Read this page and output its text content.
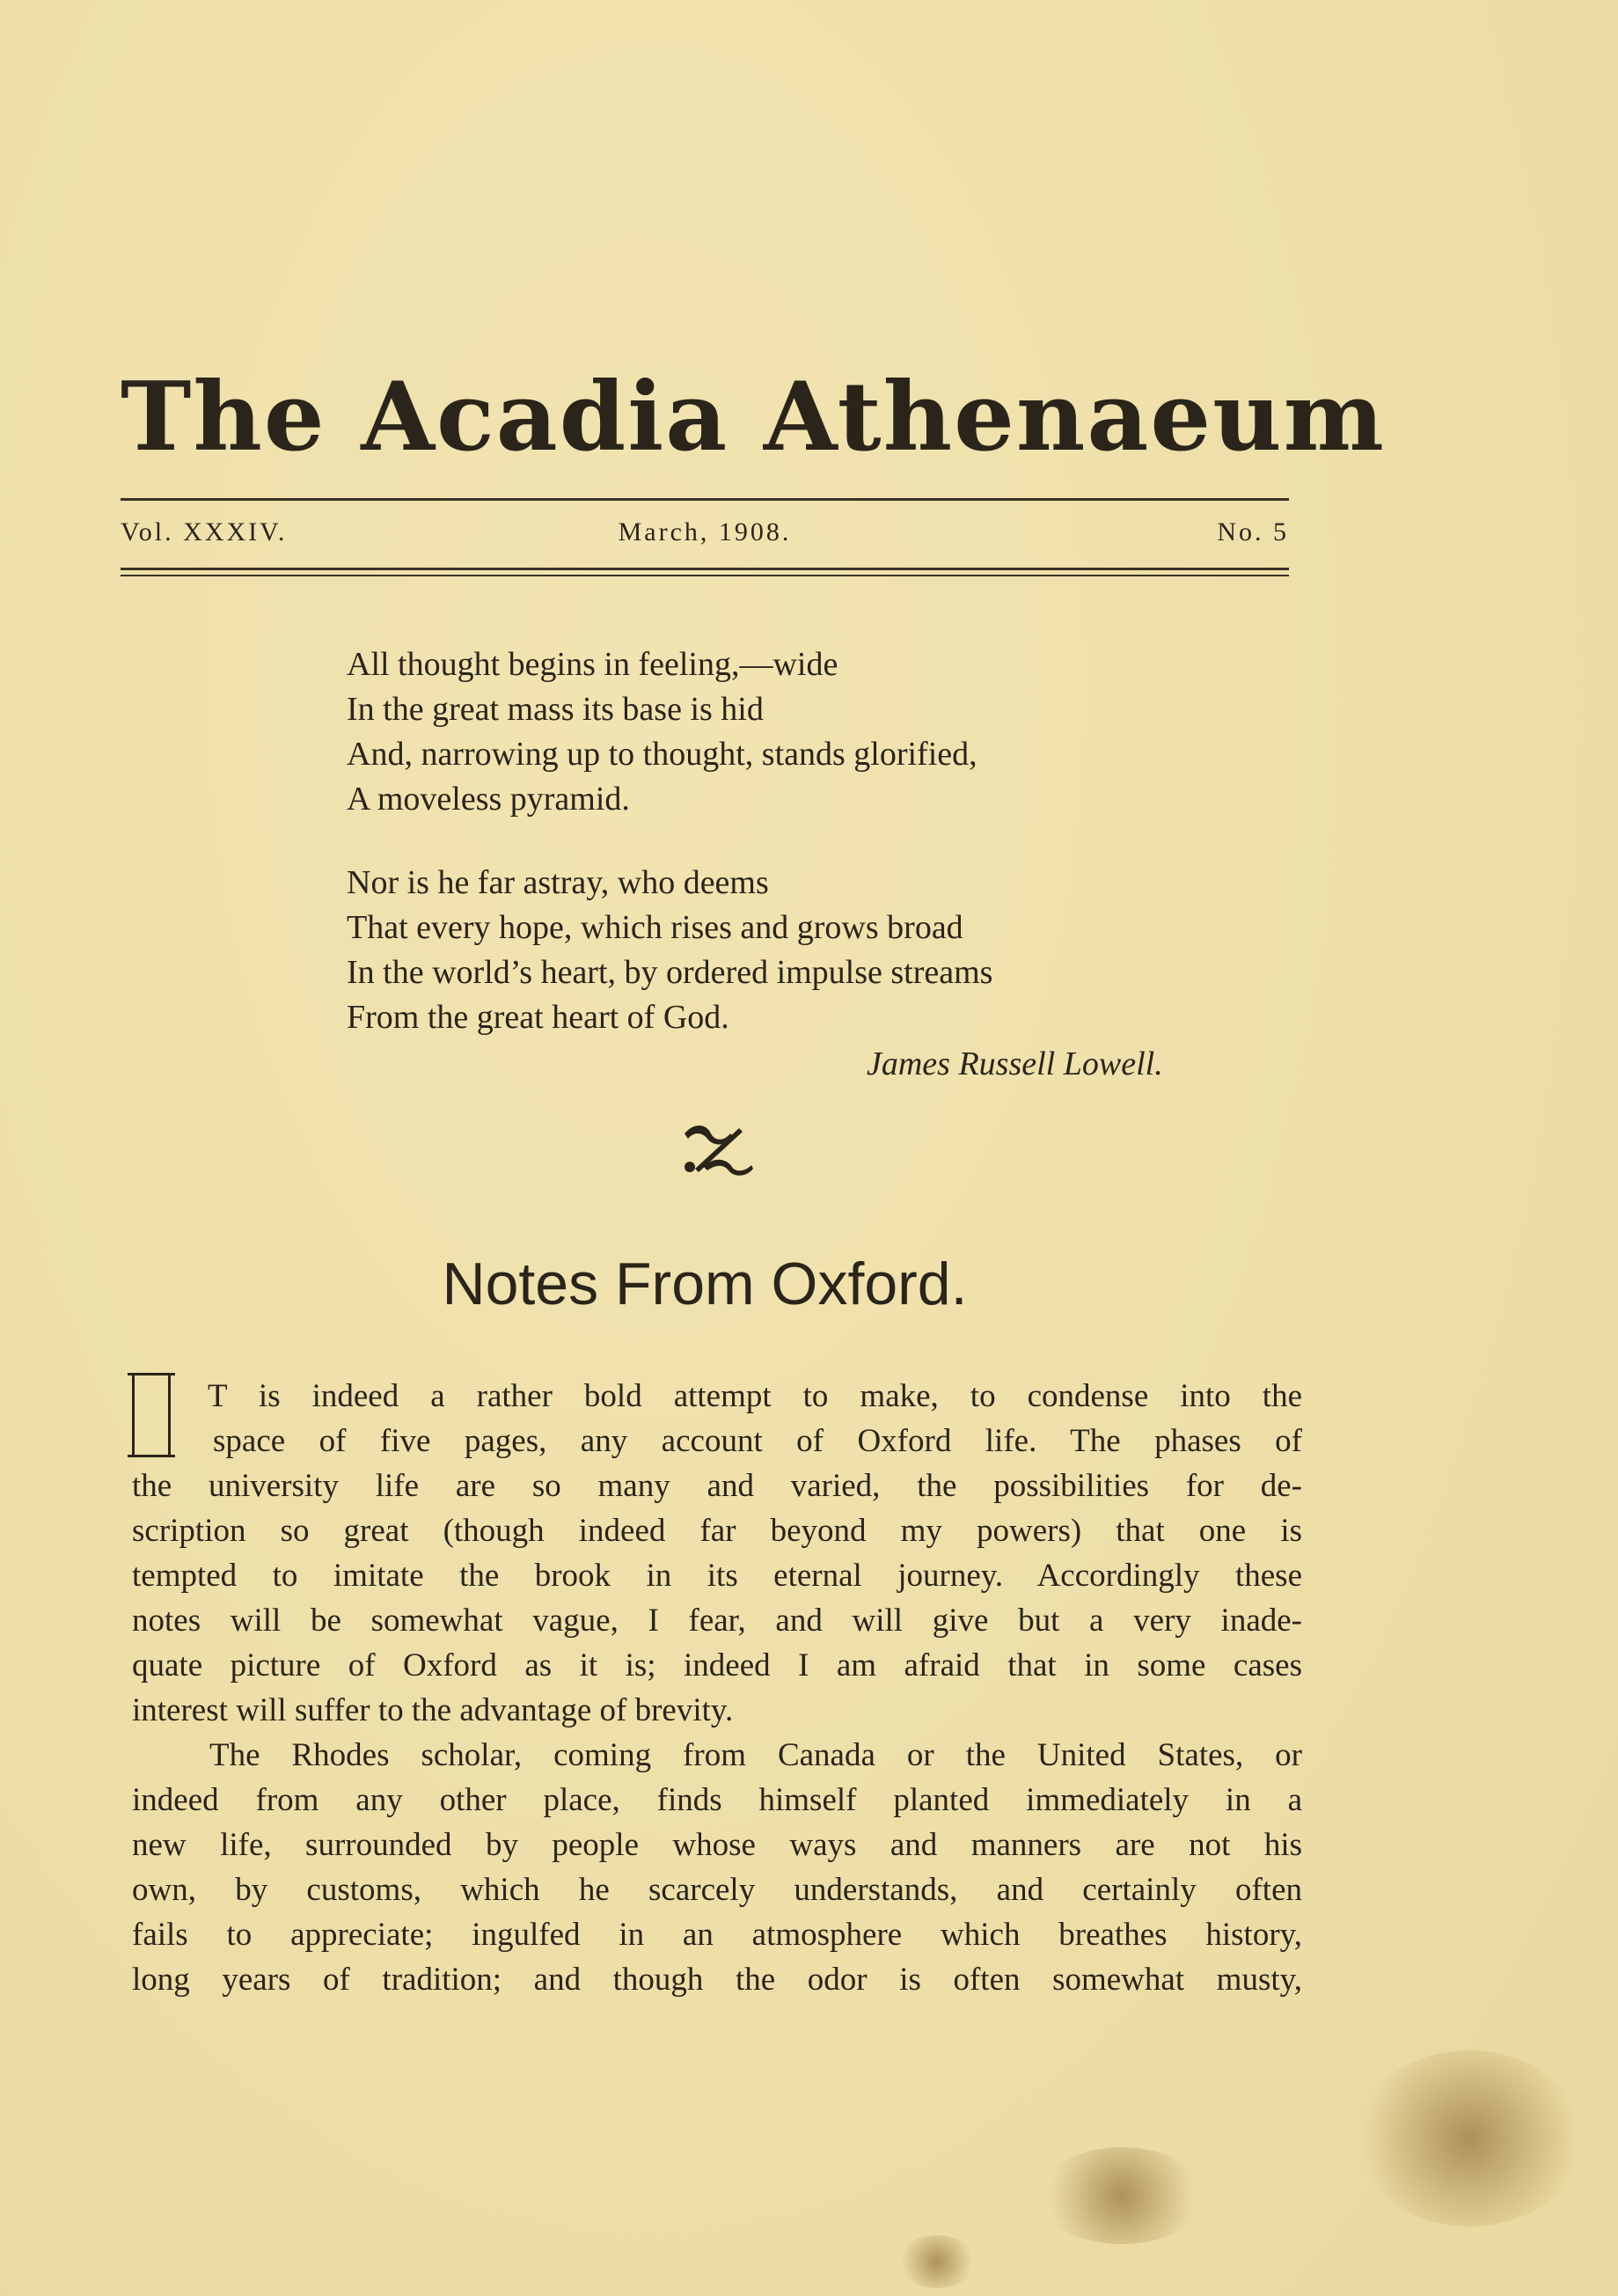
The Acadia Athenaeum
Vol. XXXIV.	March, 1908.	No. 5
All thought begins in feeling,—wide
In the great mass its base is hid
And, narrowing up to thought, stands glorified,
A moveless pyramid.
Nor is he far astray, who deems
That every hope, which rises and grows broad
In the world’s heart, by ordered impulse streams
From the great heart of God.
James Russell Lowell.
Notes From Oxford.
T is indeed a rather bold attempt to make, to condense into the
space of five pages, any account of Oxford life. The phases of
the university life are so many and varied, the possibilities for de-
scription so great (though indeed far beyond my powers) that one is
tempted to imitate the brook in its eternal journey. Accordingly these
notes will be somewhat vague, I fear, and will give but a very inade-
quate picture of Oxford as it is; indeed I am afraid that in some cases
interest will suffer to the advantage of brevity.
The Rhodes scholar, coming from Canada or the United States, or
indeed from any other place, finds himself planted immediately in a
new life, surrounded by people whose ways and manners are not his
own, by customs, which he scarcely understands, and certainly often
fails to appreciate; ingulfed in an atmosphere which breathes history,
long years of tradition; and though the odor is often somewhat musty,
